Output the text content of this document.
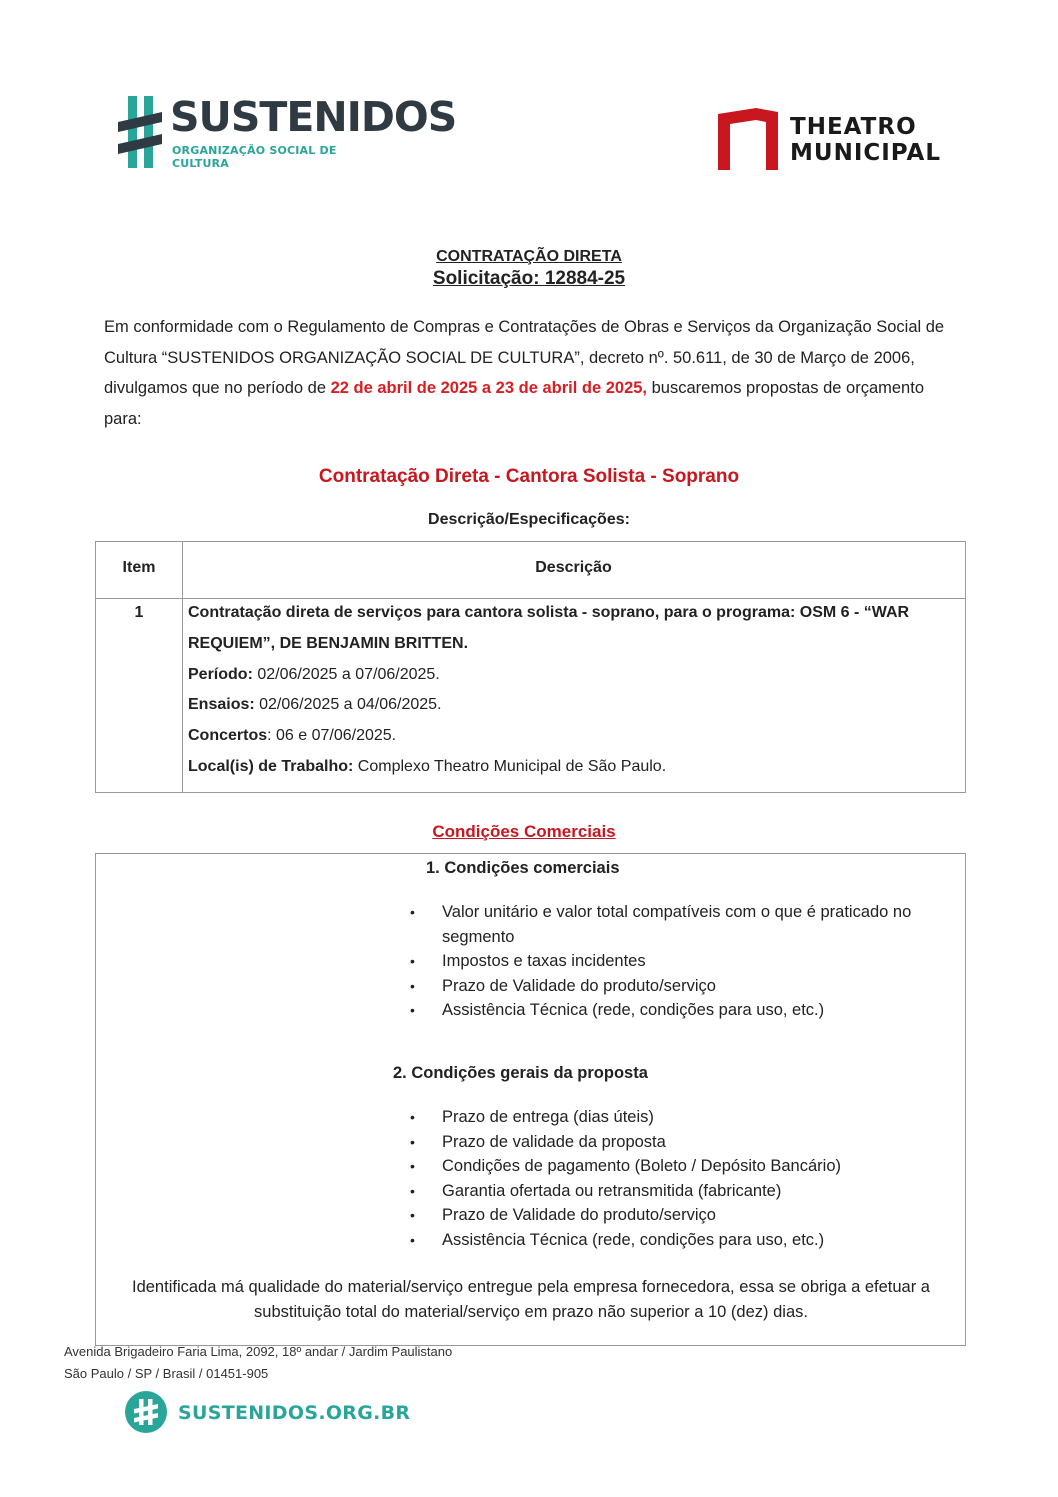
SUSTENIDOS
ORGANIZAÇÃO SOCIAL DE CULTURA
THEATRO
MUNICIPAL
CONTRATAÇÃO DIRETA
Solicitação: 12884-25
Em conformidade com o Regulamento de Compras e Contratações de Obras e Serviços da Organização Social de Cultura “SUSTENIDOS ORGANIZAÇÃO SOCIAL DE CULTURA”, decreto nº. 50.611, de 30 de Março de 2006, divulgamos que no período de 22 de abril de 2025 a 23 de abril de 2025, buscaremos propostas de orçamento para:
Contratação Direta - Cantora Solista - Soprano
Descrição/Especificações:
Item	Descrição
1	Contratação direta de serviços para cantora solista - soprano, para o programa: OSM 6 - “WAR REQUIEM”, DE BENJAMIN BRITTEN.
Período: 02/06/2025 a 07/06/2025.
Ensaios: 02/06/2025 a 04/06/2025.
Concertos: 06 e 07/06/2025.
Local(is) de Trabalho: Complexo Theatro Municipal de São Paulo.
Condições Comerciais
1. Condições comerciais
• Valor unitário e valor total compatíveis com o que é praticado no segmento
• Impostos e taxas incidentes
• Prazo de Validade do produto/serviço
• Assistência Técnica (rede, condições para uso, etc.)
2. Condições gerais da proposta
• Prazo de entrega (dias úteis)
• Prazo de validade da proposta
• Condições de pagamento (Boleto / Depósito Bancário)
• Garantia ofertada ou retransmitida (fabricante)
• Prazo de Validade do produto/serviço
• Assistência Técnica (rede, condições para uso, etc.)
Identificada má qualidade do material/serviço entregue pela empresa fornecedora, essa se obriga a efetuar a substituição total do material/serviço em prazo não superior a 10 (dez) dias.
Avenida Brigadeiro Faria Lima, 2092, 18º andar / Jardim Paulistano
São Paulo / SP / Brasil / 01451-905
SUSTENIDOS.ORG.BR
